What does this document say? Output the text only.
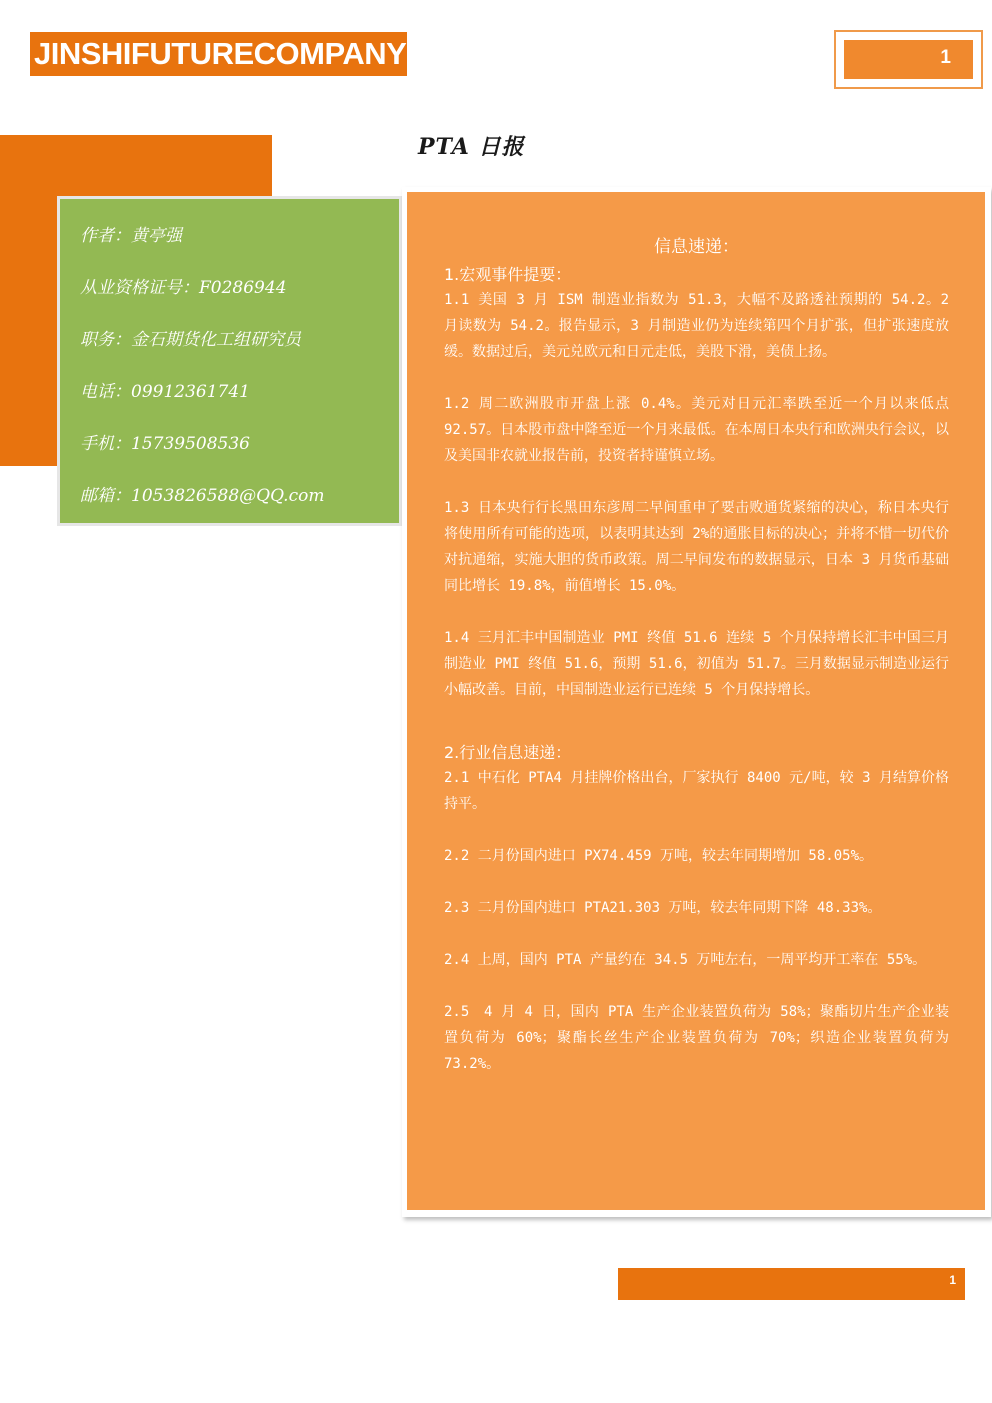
JINSHIFUTURECOMPANY	1
PTA 日报
作者：黄亭强
从业资格证号：F0286944
职务：金石期货化工组研究员
电话：09912361741
手机：15739508536
邮箱：1053826588@QQ.com
信息速递：
1.宏观事件提要：

1.1 美国 3 月 ISM 制造业指数为 51.3，大幅不及路透社预期的 54.2。2 月读数为 54.2。报告显示，3 月制造业仍为连续第四个月扩张，但扩张速度放缓。数据过后，美元兑欧元和日元走低，美股下滑，美债上扬。

1.2 周二欧洲股市开盘上涨 0.4%。美元对日元汇率跌至近一个月以来低点 92.57。日本股市盘中降至近一个月来最低。在本周日本央行和欧洲央行会议，以及美国非农就业报告前，投资者持谨慎立场。

1.3 日本央行行长黑田东彦周二早间重申了要击败通货紧缩的决心，称日本央行将使用所有可能的选项，以表明其达到 2%的通胀目标的决心；并将不惜一切代价对抗通缩，实施大胆的货币政策。周二早间发布的数据显示，日本 3 月货币基础同比增长 19.8%，前值增长 15.0%。

1.4 三月汇丰中国制造业 PMI 终值 51.6 连续 5 个月保持增长汇丰中国三月制造业 PMI 终值 51.6，预期 51.6，初值为 51.7。三月数据显示制造业运行小幅改善。目前，中国制造业运行已连续 5 个月保持增长。

2.行业信息速递：

2.1 中石化 PTA4 月挂牌价格出台，厂家执行 8400 元/吨，较 3 月结算价格持平。

2.2 二月份国内进口 PX74.459 万吨，较去年同期增加 58.05%。

2.3 二月份国内进口 PTA21.303 万吨，较去年同期下降 48.33%。

2.4 上周，国内 PTA 产量约在 34.5 万吨左右，一周平均开工率在 55%。

2.5　4 月 4 日，国内 PTA 生产企业装置负荷为 58%；聚酯切片生产企业装置负荷为 60%；聚酯长丝生产企业装置负荷为 70%；织造企业装置负荷为 73.2%。

1
